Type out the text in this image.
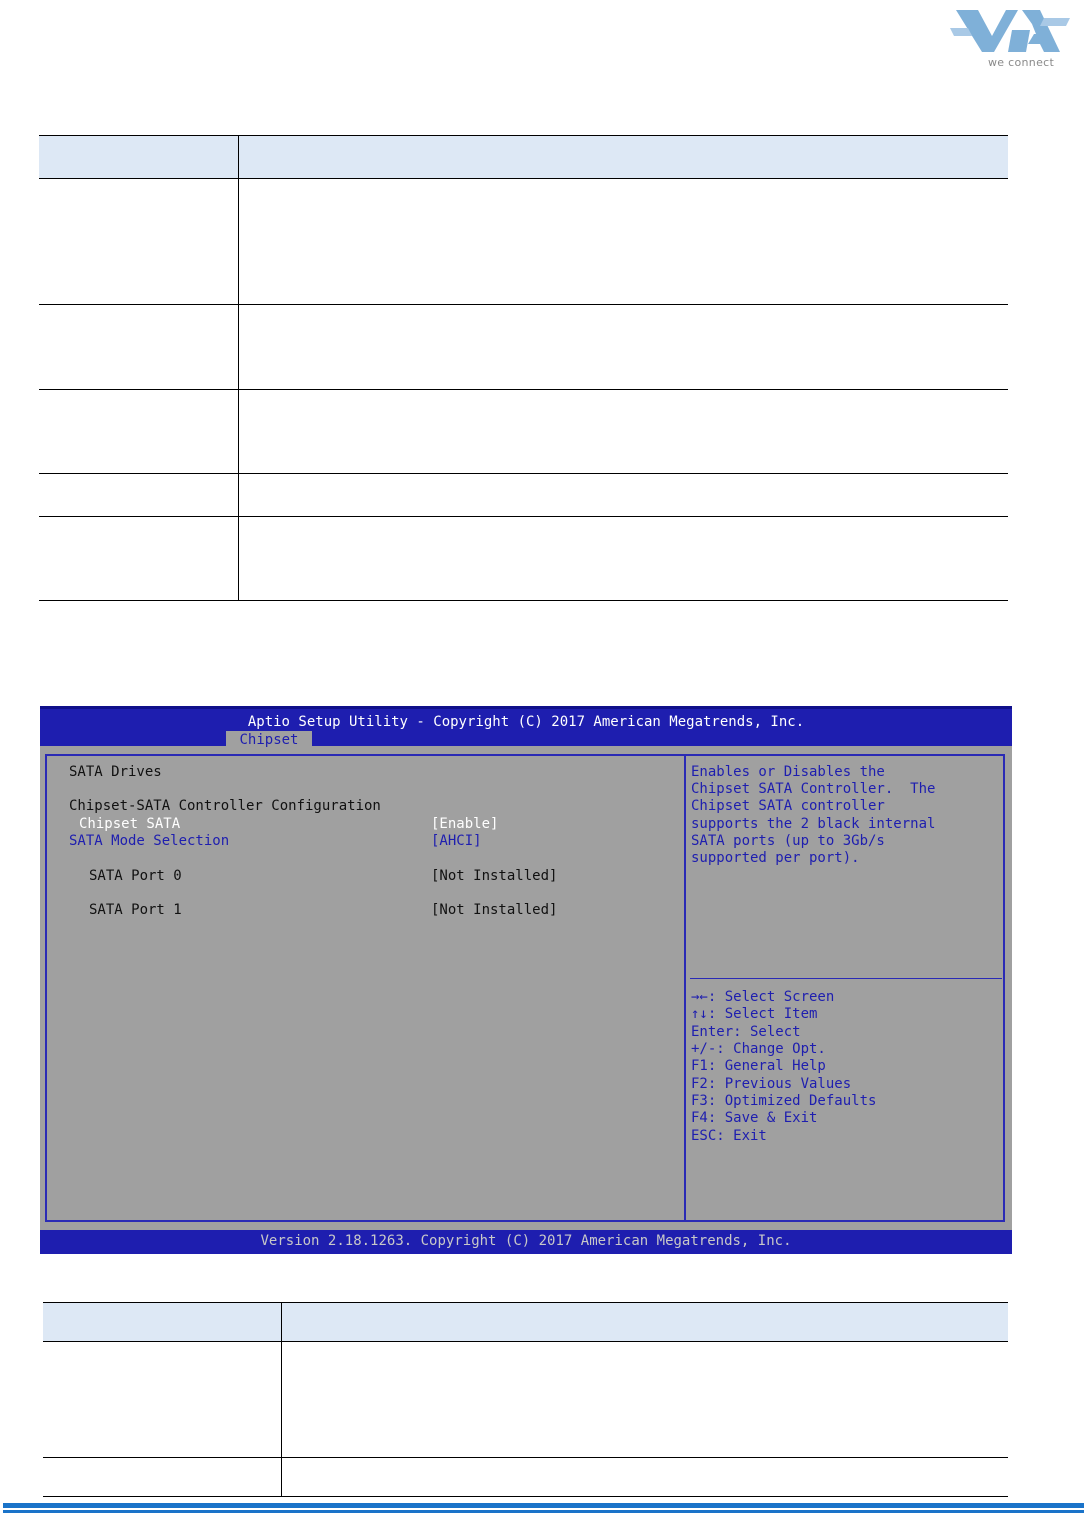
we connect

Aptio Setup Utility - Copyright (C) 2017 American Megatrends, Inc.
Chipset
SATA Drives
Chipset-SATA Controller Configuration
Chipset SATA	[Enable]
SATA Mode Selection	[AHCI]
SATA Port 0	[Not Installed]
SATA Port 1	[Not Installed]
Enables or Disables the
Chipset SATA Controller.  The
Chipset SATA controller
supports the 2 black internal
SATA ports (up to 3Gb/s
supported per port).
→←: Select Screen
↑↓: Select Item
Enter: Select
+/-: Change Opt.
F1: General Help
F2: Previous Values
F3: Optimized Defaults
F4: Save & Exit
ESC: Exit
Version 2.18.1263. Copyright (C) 2017 American Megatrends, Inc.
